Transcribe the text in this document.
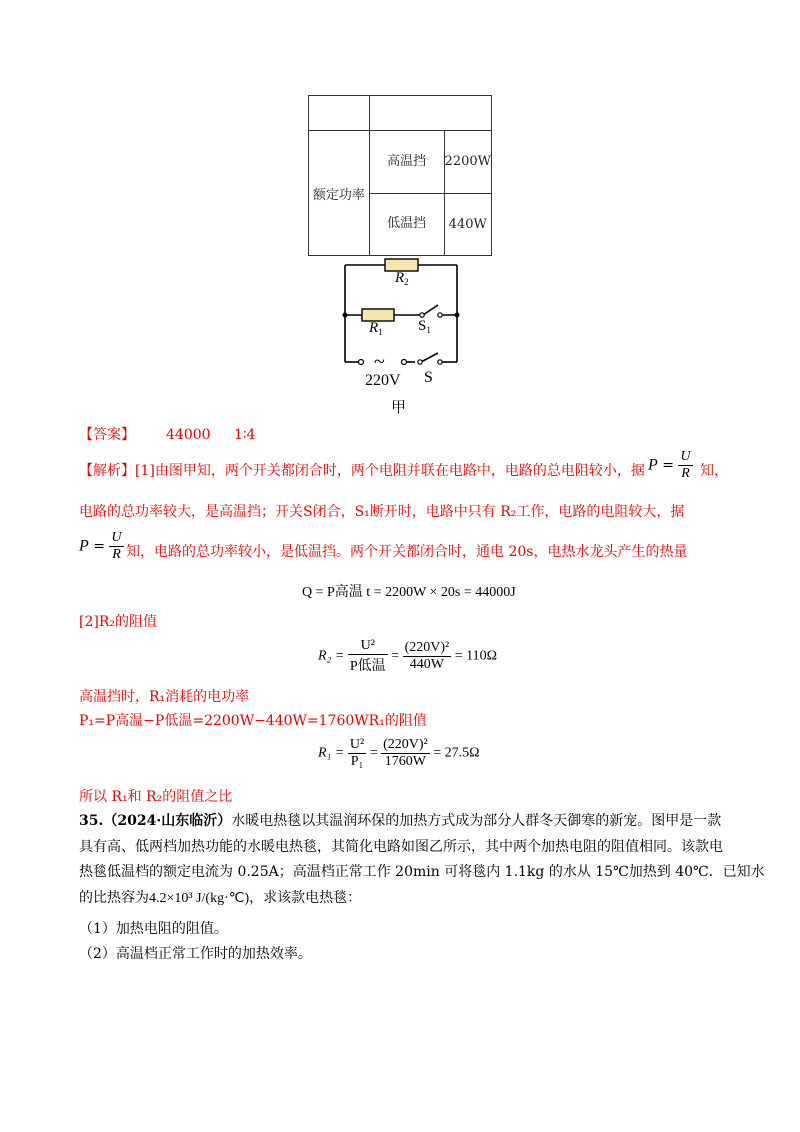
额定功率	高温挡	2200W
	低温挡	440W
~
$R_2$
$R_1$ $S_1$
220V S
甲
【答案】 44000 1∶4
【解析】[1]由图甲知，两个开关都闭合时，两个电阻并联在电路中，电路的总电阻较小，据 $P = \frac{U}{R}$ 知，
电路的总功率较大，是高温挡；开关S闭合，S₁断开时，电路中只有 R₂工作，电路的电阻较大，据
$P = \frac{U}{R}$ 知，电路的总功率较小，是低温挡。两个开关都闭合时，通电 20s，电热水龙头产生的热量
Q = P高温 t = 2200W × 20s = 44000J
[2]R₂的阻值
$R_2 = \frac{\text{U²}}{\text{P低温}} = \frac{\text{(220V)²}}{440W} = 110\Omega$
高温挡时，R₁消耗的电功率
P₁=P高温−P低温=2200W−440W=1760WR₁的阻值
$R_1 = \frac{\text{U²}}{\text{P₁}} = \frac{\text{(220V)²}}{1760W} = 27.5\Omega$
所以 R₁和 R₂的阻值之比
35.（2024·山东临沂）水暖电热毯以其温润环保的加热方式成为部分人群冬天御寒的新宠。图甲是一款
具有高、低两档加热功能的水暖电热毯，其简化电路如图乙所示，其中两个加热电阻的阻值相同。该款电
热毯低温档的额定电流为 0.25A；高温档正常工作 20min 可将毯内 1.1kg 的水从 15℃加热到 40℃．已知水
的比热容为4.2×10³ J/(kg·℃)，求该款电热毯：
（1）加热电阻的阻值。
（2）高温档正常工作时的加热效率。
